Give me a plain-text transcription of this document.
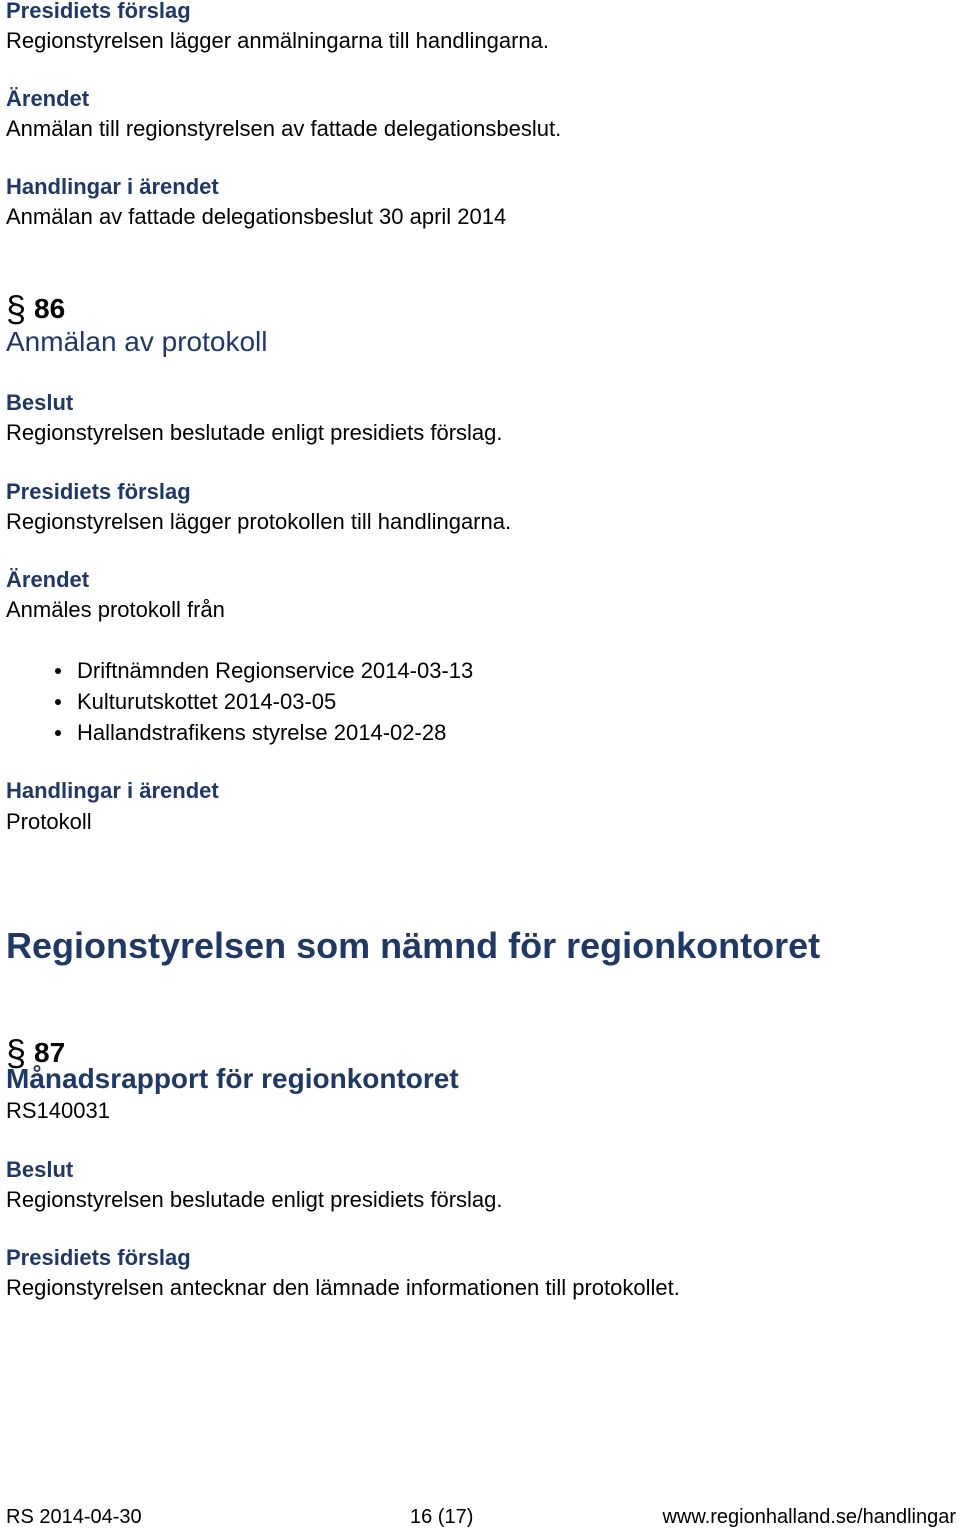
Presidiets förslag
Regionstyrelsen lägger anmälningarna till handlingarna.
Ärendet
Anmälan till regionstyrelsen av fattade delegationsbeslut.
Handlingar i ärendet
Anmälan av fattade delegationsbeslut 30 april 2014
§ 86
Anmälan av protokoll
Beslut
Regionstyrelsen beslutade enligt presidiets förslag.
Presidiets förslag
Regionstyrelsen lägger protokollen till handlingarna.
Ärendet
Anmäles protokoll från
Driftnämnden Regionservice 2014-03-13
Kulturutskottet 2014-03-05
Hallandstrafikens styrelse 2014-02-28
Handlingar i ärendet
Protokoll
Regionstyrelsen som nämnd för regionkontoret
§ 87
Månadsrapport för regionkontoret
RS140031
Beslut
Regionstyrelsen beslutade enligt presidiets förslag.
Presidiets förslag
Regionstyrelsen antecknar den lämnade informationen till protokollet.
RS 2014-04-30	16 (17)	www.regionhalland.se/handlingar
